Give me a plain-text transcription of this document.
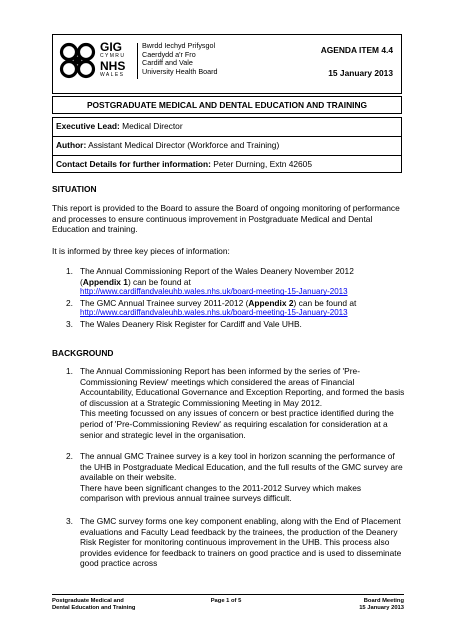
GIG
CYMRU
NHS
WALES
Bwrdd Iechyd Prifysgol
Caerdydd a'r Fro
Cardiff and Vale
University Health Board
AGENDA ITEM 4.4
15 January 2013
POSTGRADUATE MEDICAL AND DENTAL EDUCATION AND TRAINING
Executive Lead: Medical Director
Author: Assistant Medical Director (Workforce and Training)
Contact Details for further information: Peter Durning, Extn 42605
SITUATION
This report is provided to the Board to assure the Board of ongoing monitoring of performance and processes to ensure continuous improvement in Postgraduate Medical and Dental Education and training.
It is informed by three key pieces of information:
1. The Annual Commissioning Report of the Wales Deanery November 2012
(Appendix 1) can be found at
http://www.cardiffandvaleuhb.wales.nhs.uk/board-meeting-15-January-2013
2. The GMC Annual Trainee survey 2011-2012 (Appendix 2) can be found at
http://www.cardiffandvaleuhb.wales.nhs.uk/board-meeting-15-January-2013
3. The Wales Deanery Risk Register for Cardiff and Vale UHB.
BACKGROUND
1. The Annual Commissioning Report has been informed by the series of 'Pre-Commissioning Review' meetings which considered the areas of Financial Accountability, Educational Governance and Exception Reporting, and formed the basis of discussion at a Strategic Commissioning Meeting in May 2012.
This meeting focussed on any issues of concern or best practice identified during the period of 'Pre-Commissioning Review' as requiring escalation for consideration at a senior and strategic level in the organisation.
2. The annual GMC Trainee survey is a key tool in horizon scanning the performance of the UHB in Postgraduate Medical Education, and the full results of the GMC survey are available on their website.
There have been significant changes to the 2011-2012 Survey which makes comparison with previous annual trainee surveys difficult.
3. The GMC survey forms one key component enabling, along with the End of Placement evaluations and Faculty Lead feedback by the trainees, the production of the Deanery Risk Register for monitoring continuous improvement in the UHB. This process also provides evidence for feedback to trainers on good practice and is used to disseminate good practice across
Postgraduate Medical and
Dental Education and Training
Page 1 of 5	Board Meeting
15 January 2013
